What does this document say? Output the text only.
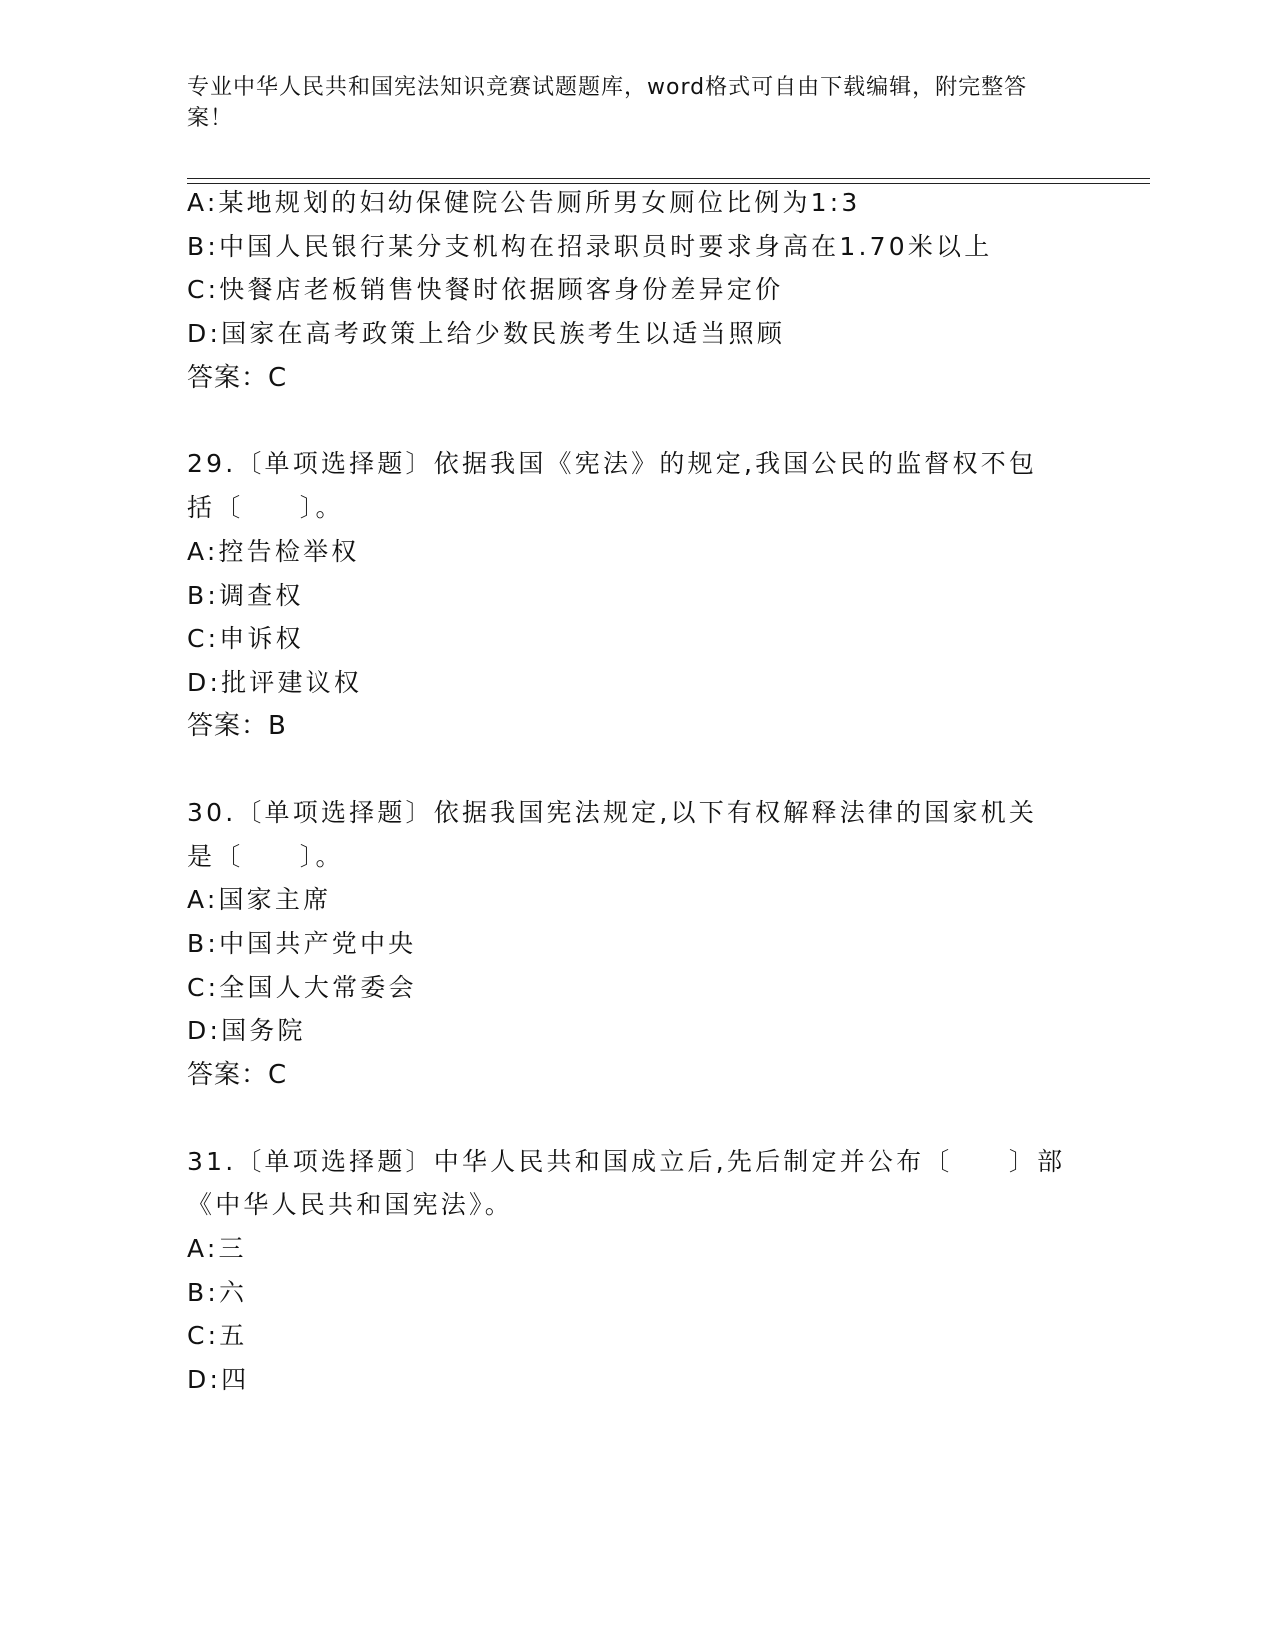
专业中华人民共和国宪法知识竞赛试题题库，word格式可自由下载编辑，附完整答案！
A:某地规划的妇幼保健院公告厕所男女厕位比例为1:3
B:中国人民银行某分支机构在招录职员时要求身高在1.70米以上
C:快餐店老板销售快餐时依据顾客身份差异定价
D:国家在高考政策上给少数民族考生以适当照顾
答案：C
29.〔单项选择题〕依据我国《宪法》的规定,我国公民的监督权不包
括〔　　〕。
A:控告检举权
B:调查权
C:申诉权
D:批评建议权
答案：B
30.〔单项选择题〕依据我国宪法规定,以下有权解释法律的国家机关
是〔　　〕。
A:国家主席
B:中国共产党中央
C:全国人大常委会
D:国务院
答案：C
31.〔单项选择题〕中华人民共和国成立后,先后制定并公布〔　　〕部
《中华人民共和国宪法》。
A:三
B:六
C:五
D:四
